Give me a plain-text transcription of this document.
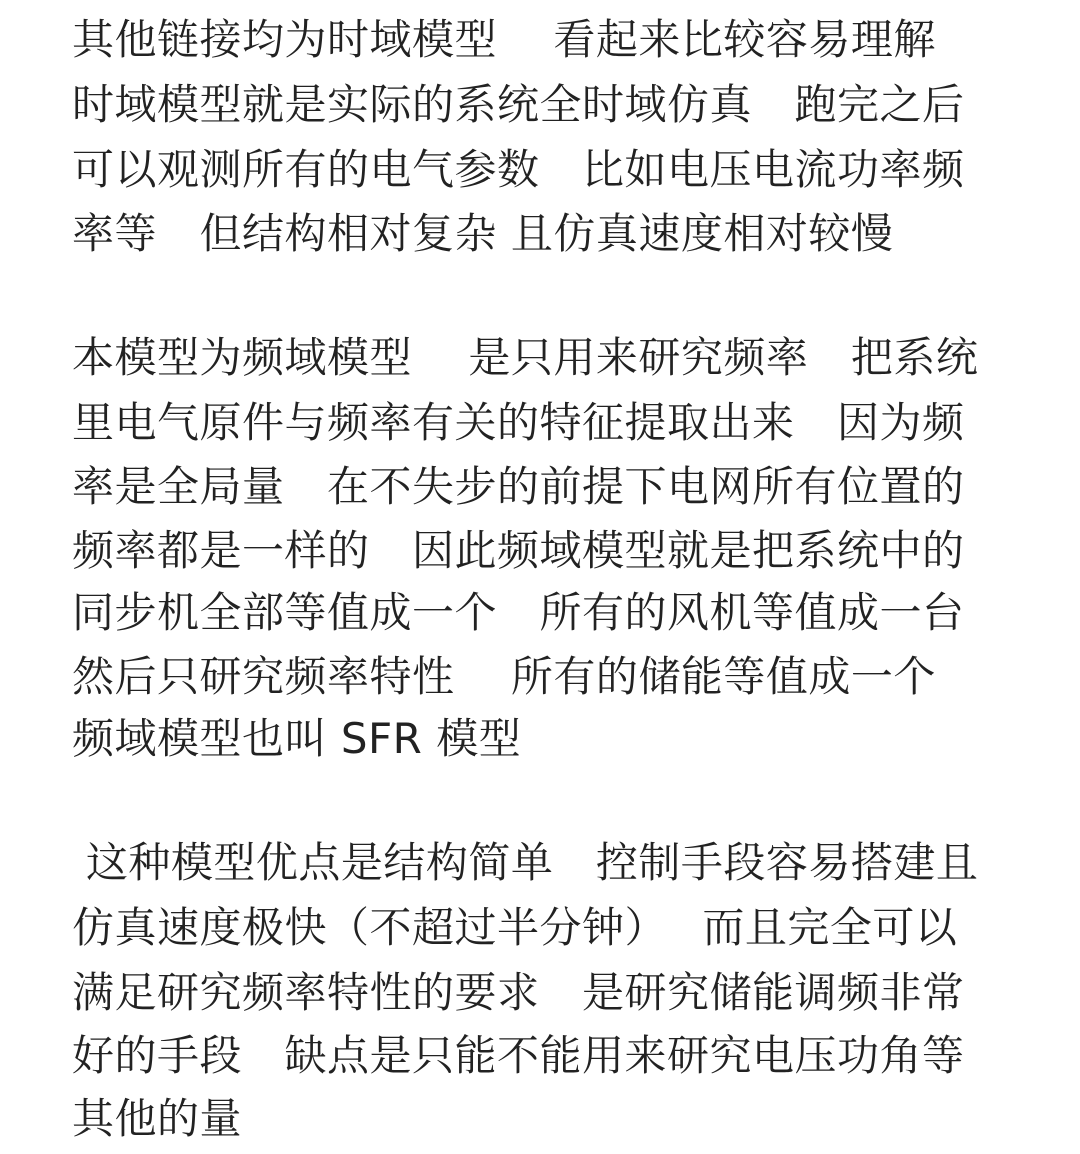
其他链接均为时域模型　 看起来比较容易理解
时域模型就是实际的系统全时域仿真　跑完之后
可以观测所有的电气参数　比如电压电流功率频
率等　但结构相对复杂 且仿真速度相对较慢
本模型为频域模型　 是只用来研究频率　把系统
里电气原件与频率有关的特征提取出来　因为频
率是全局量　在不失步的前提下电网所有位置的
频率都是一样的　因此频域模型就是把系统中的
同步机全部等值成一个　所有的风机等值成一台
然后只研究频率特性　 所有的储能等值成一个
频域模型也叫 SFR 模型
这种模型优点是结构简单　控制手段容易搭建且
仿真速度极快（不超过半分钟）　 而且完全可以
满足研究频率特性的要求　是研究储能调频非常
好的手段　缺点是只能不能用来研究电压功角等
其他的量
